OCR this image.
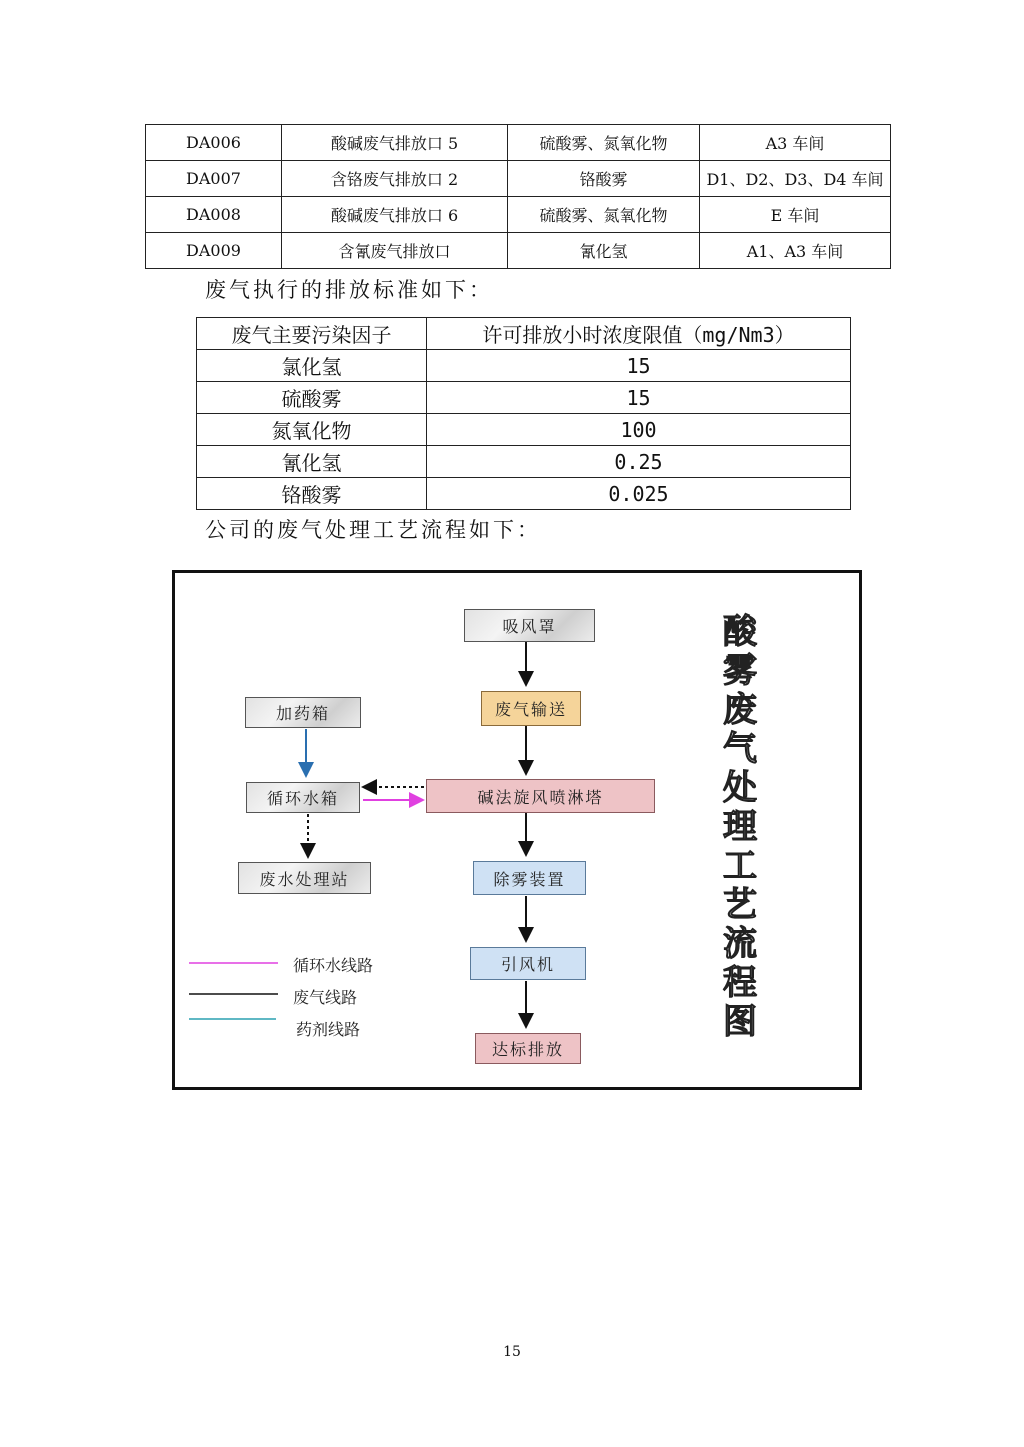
DA006	酸碱废气排放口 5	硫酸雾、氮氧化物	A3 车间
DA007	含铬废气排放口 2	铬酸雾	D1、D2、D3、D4 车间
DA008	酸碱废气排放口 6	硫酸雾、氮氧化物	E 车间
DA009	含氰废气排放口	氰化氢	A1、A3 车间
废气执行的排放标准如下：
废气主要污染因子	许可排放小时浓度限值（mg/Nm3）
氯化氢	15
硫酸雾	15
氮氧化物	100
氰化氢	0.25
铬酸雾	0.025
公司的废气处理工艺流程如下：
吸风罩
废气输送
加药箱
循环水箱	碱法旋风喷淋塔
废水处理站	除雾装置
引风机
达标排放
酸
雾
废
气
处
理
工
艺
流
程
图
循环水线路
废气线路
药剂线路
15
